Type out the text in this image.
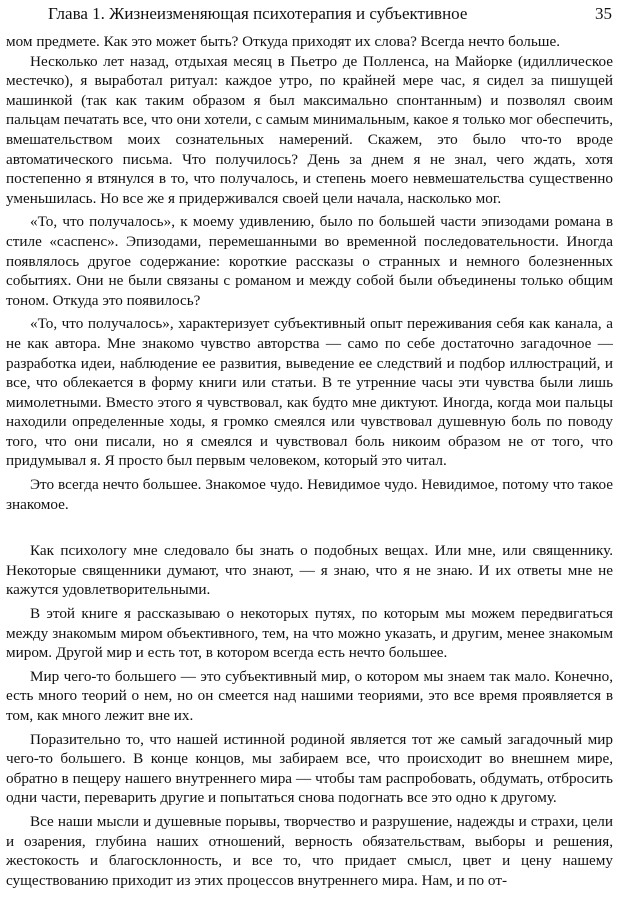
Глава 1. Жизнеизменяющая психотерапия и субъективное	35

мом предмете. Как это может быть? Откуда приходят их слова? Всегда нечто больше.

Несколько лет назад, отдыхая месяц в Пьетро де Полленса, на Майорке (идиллическое местечко), я выработал ритуал: каждое утро, по крайней мере час, я сидел за пишущей машинкой (так как таким образом я был максимально спонтанным) и позволял своим пальцам печатать все, что они хотели, с самым минимальным, какое я только мог обеспечить, вмешательством моих сознательных намерений. Скажем, это было что-то вроде автоматического письма. Что получилось? День за днем я не знал, чего ждать, хотя постепенно я втянулся в то, что получалось, и степень моего невмешательства существенно уменьшилась. Но все же я придерживался своей цели начала, насколько мог.

«То, что получалось», к моему удивлению, было по большей части эпизодами романа в стиле «саспенс». Эпизодами, перемешанными во временной последовательности. Иногда появлялось другое содержание: короткие рассказы о странных и немного болезненных событиях. Они не были связаны с романом и между собой были объединены только общим тоном. Откуда это появилось?

«То, что получалось», характеризует субъективный опыт переживания себя как канала, а не как автора. Мне знакомо чувство авторства — само по себе достаточно загадочное — разработка идеи, наблюдение ее развития, выведение ее следствий и подбор иллюстраций, и все, что облекается в форму книги или статьи. В те утренние часы эти чувства были лишь мимолетными. Вместо этого я чувствовал, как будто мне диктуют. Иногда, когда мои пальцы находили определенные ходы, я громко смеялся или чувствовал душевную боль по поводу того, что они писали, но я смеялся и чувствовал боль никоим образом не от того, что придумывал я. Я просто был первым человеком, который это читал.

Это всегда нечто большее. Знакомое чудо. Невидимое чудо. Невидимое, потому что такое знакомое.

Как психологу мне следовало бы знать о подобных вещах. Или мне, или священнику. Некоторые священники думают, что знают, — я знаю, что я не знаю. И их ответы мне не кажутся удовлетворительными.

В этой книге я рассказываю о некоторых путях, по которым мы можем передвигаться между знакомым миром объективного, тем, на что можно указать, и другим, менее знакомым миром. Другой мир и есть тот, в котором всегда есть нечто большее.

Мир чего-то большего — это субъективный мир, о котором мы знаем так мало. Конечно, есть много теорий о нем, но он смеется над нашими теориями, это все время проявляется в том, как много лежит вне их.

Поразительно то, что нашей истинной родиной является тот же самый загадочный мир чего-то большего. В конце концов, мы забираем все, что происходит во внешнем мире, обратно в пещеру нашего внутреннего мира — чтобы там распробовать, обдумать, отбросить одни части, переварить другие и попытаться снова подогнать все это одно к другому.

Все наши мысли и душевные порывы, творчество и разрушение, надежды и страхи, цели и озарения, глубина наших отношений, верность обязательствам, выборы и решения, жестокость и благосклонность, и все то, что придает смысл, цвет и цену нашему существованию приходит из этих процессов внутреннего мира. Нам, и по от-
